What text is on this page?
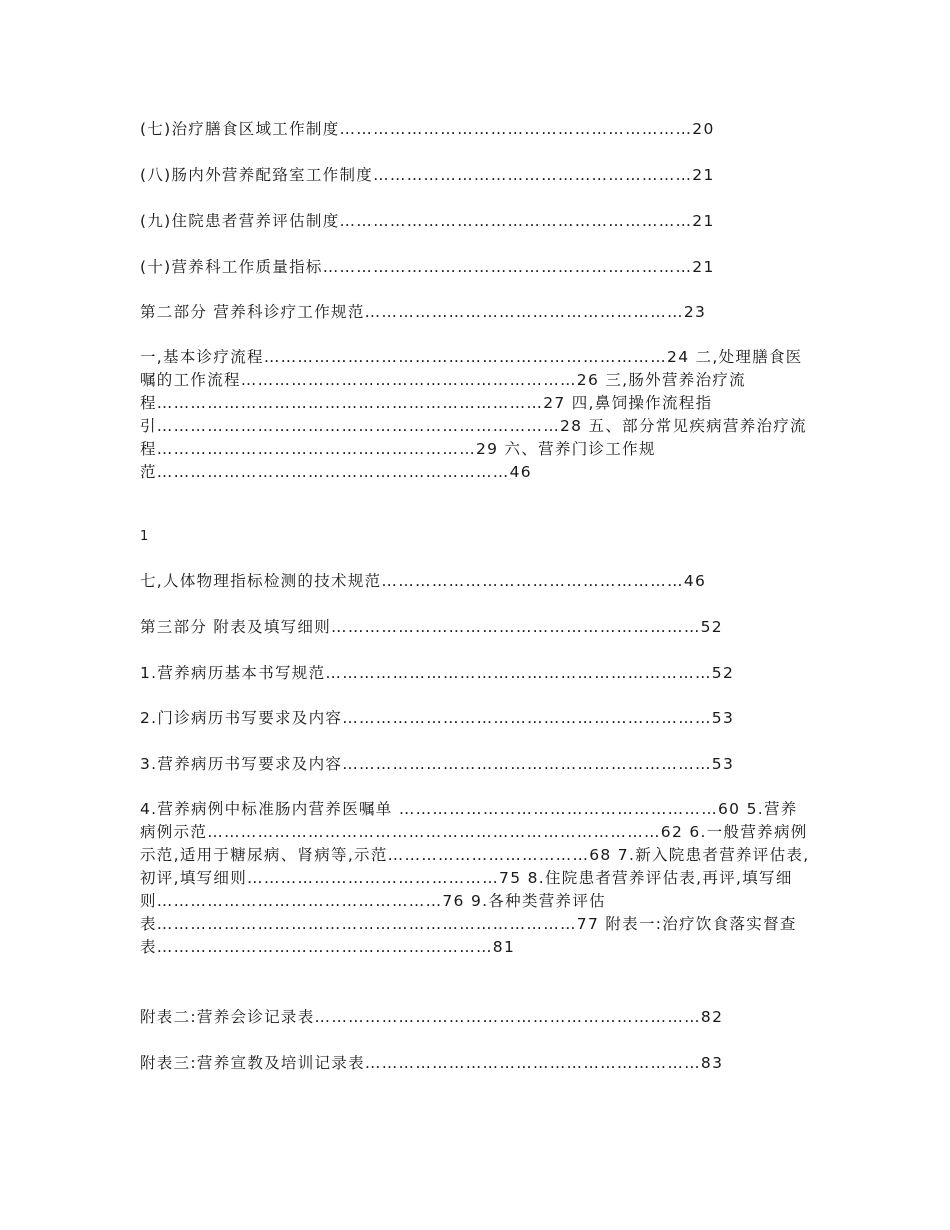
(七)治疗膳食区域工作制度………………………………………………………20
(八)肠内外营养配臵室工作制度…………………………………………………21
(九)住院患者营养评估制度………………………………………………………21
(十)营养科工作质量指标…………………………………………………………21
第二部分 营养科诊疗工作规范…………………………………………………23
一,基本诊疗流程………………………………………………………………24 二,处理膳食医嘱的工作流程……………………………………………………26 三,肠外营养治疗流程……………………………………………………………27 四,鼻饲操作流程指引………………………………………………………………28 五、部分常见疾病营养治疗流程…………………………………………………29 六、营养门诊工作规范………………………………………………………46
1
七,人体物理指标检测的技术规范………………………………………………46
第三部分 附表及填写细则…………………………………………………………52
1.营养病历基本书写规范……………………………………………………………52
2.门诊病历书写要求及内容…………………………………………………………53
3.营养病历书写要求及内容…………………………………………………………53
4.营养病例中标准肠内营养医嘱单 …………………………………………………60 5.营养病例示范………………………………………………………………………62 6.一般营养病例示范,适用于糖尿病、肾病等,示范………………………………68 7.新入院患者营养评估表,初评,填写细则………………………………………75 8.住院患者营养评估表,再评,填写细则……………………………………………76 9.各种类营养评估表…………………………………………………………………77 附表一:治疗饮食落实督查表……………………………………………………81
附表二:营养会诊记录表……………………………………………………………82
附表三:营养宣教及培训记录表……………………………………………………83
